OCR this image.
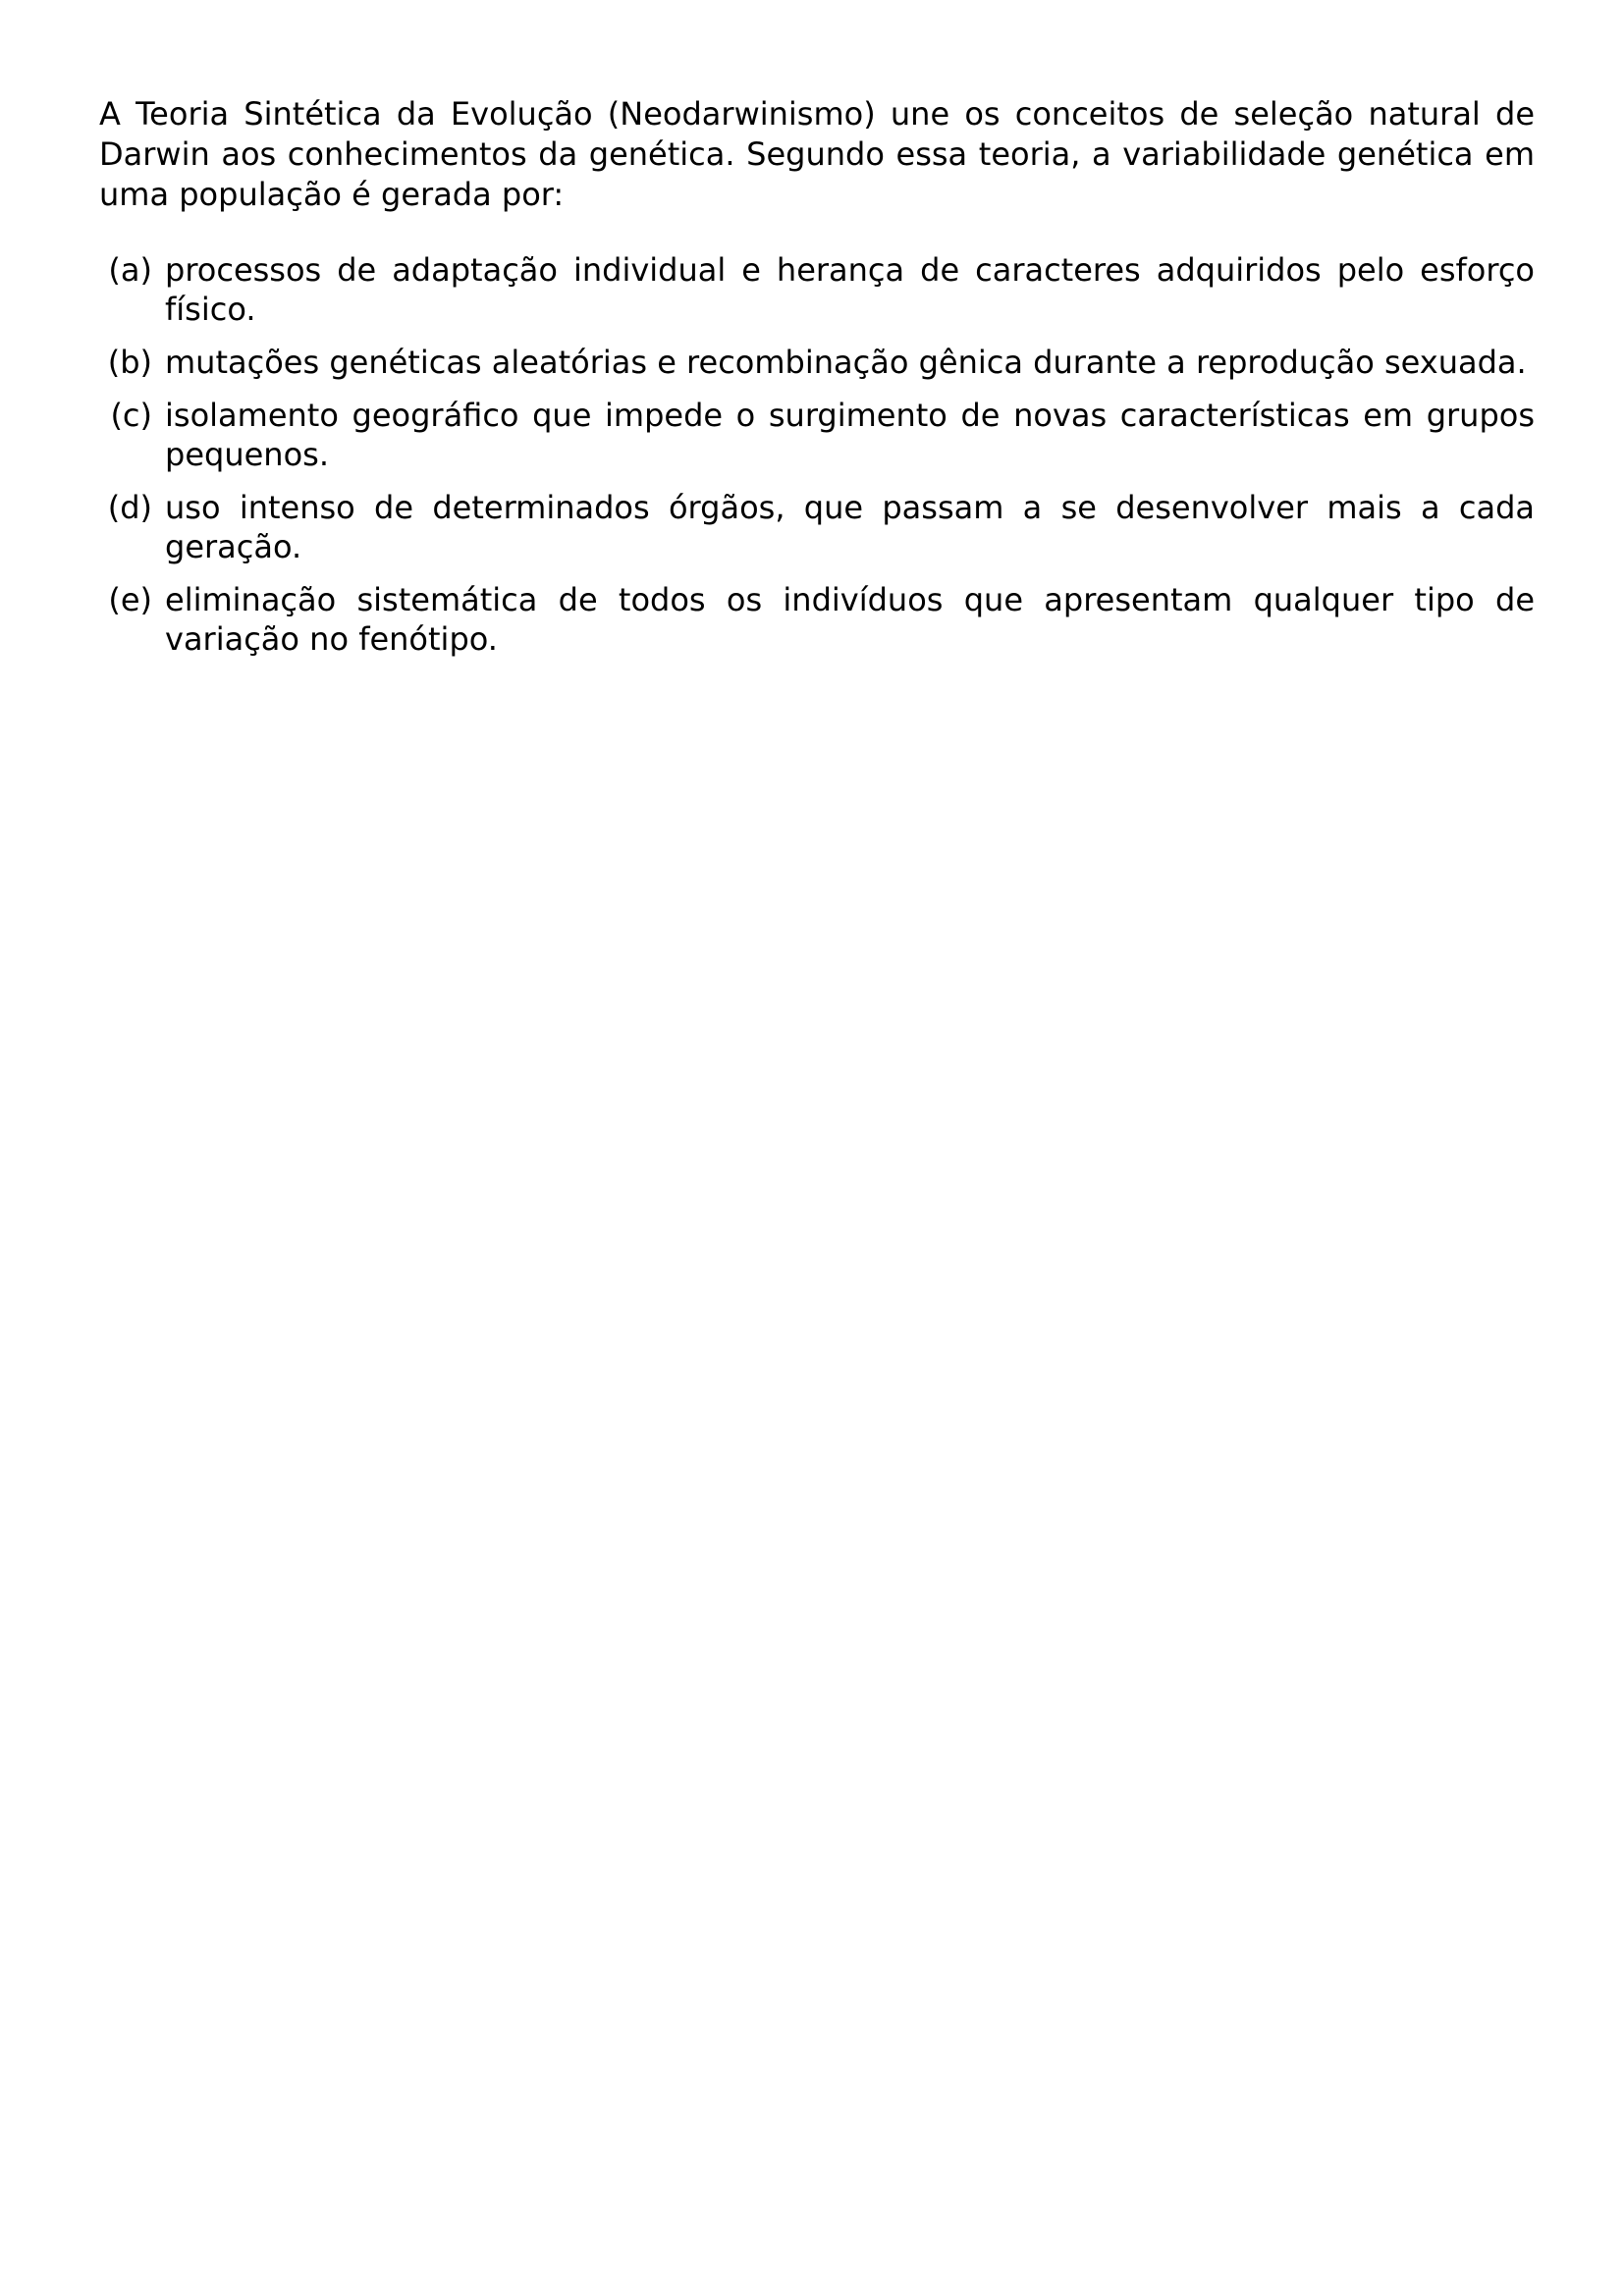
A Teoria Sintética da Evolução (Neodarwinismo) une os conceitos de seleção natural de Darwin aos conhecimentos da genética. Segundo essa teoria, a variabilidade genética em uma população é gerada por:

(a) processos de adaptação individual e herança de caracteres adquiridos pelo esforço físico.
(b) mutações genéticas aleatórias e recombinação gênica durante a reprodução sexuada.
(c) isolamento geográfico que impede o surgimento de novas características em grupos pequenos.
(d) uso intenso de determinados órgãos, que passam a se desenvolver mais a cada geração.
(e) eliminação sistemática de todos os indivíduos que apresentam qualquer tipo de variação no fenótipo.
